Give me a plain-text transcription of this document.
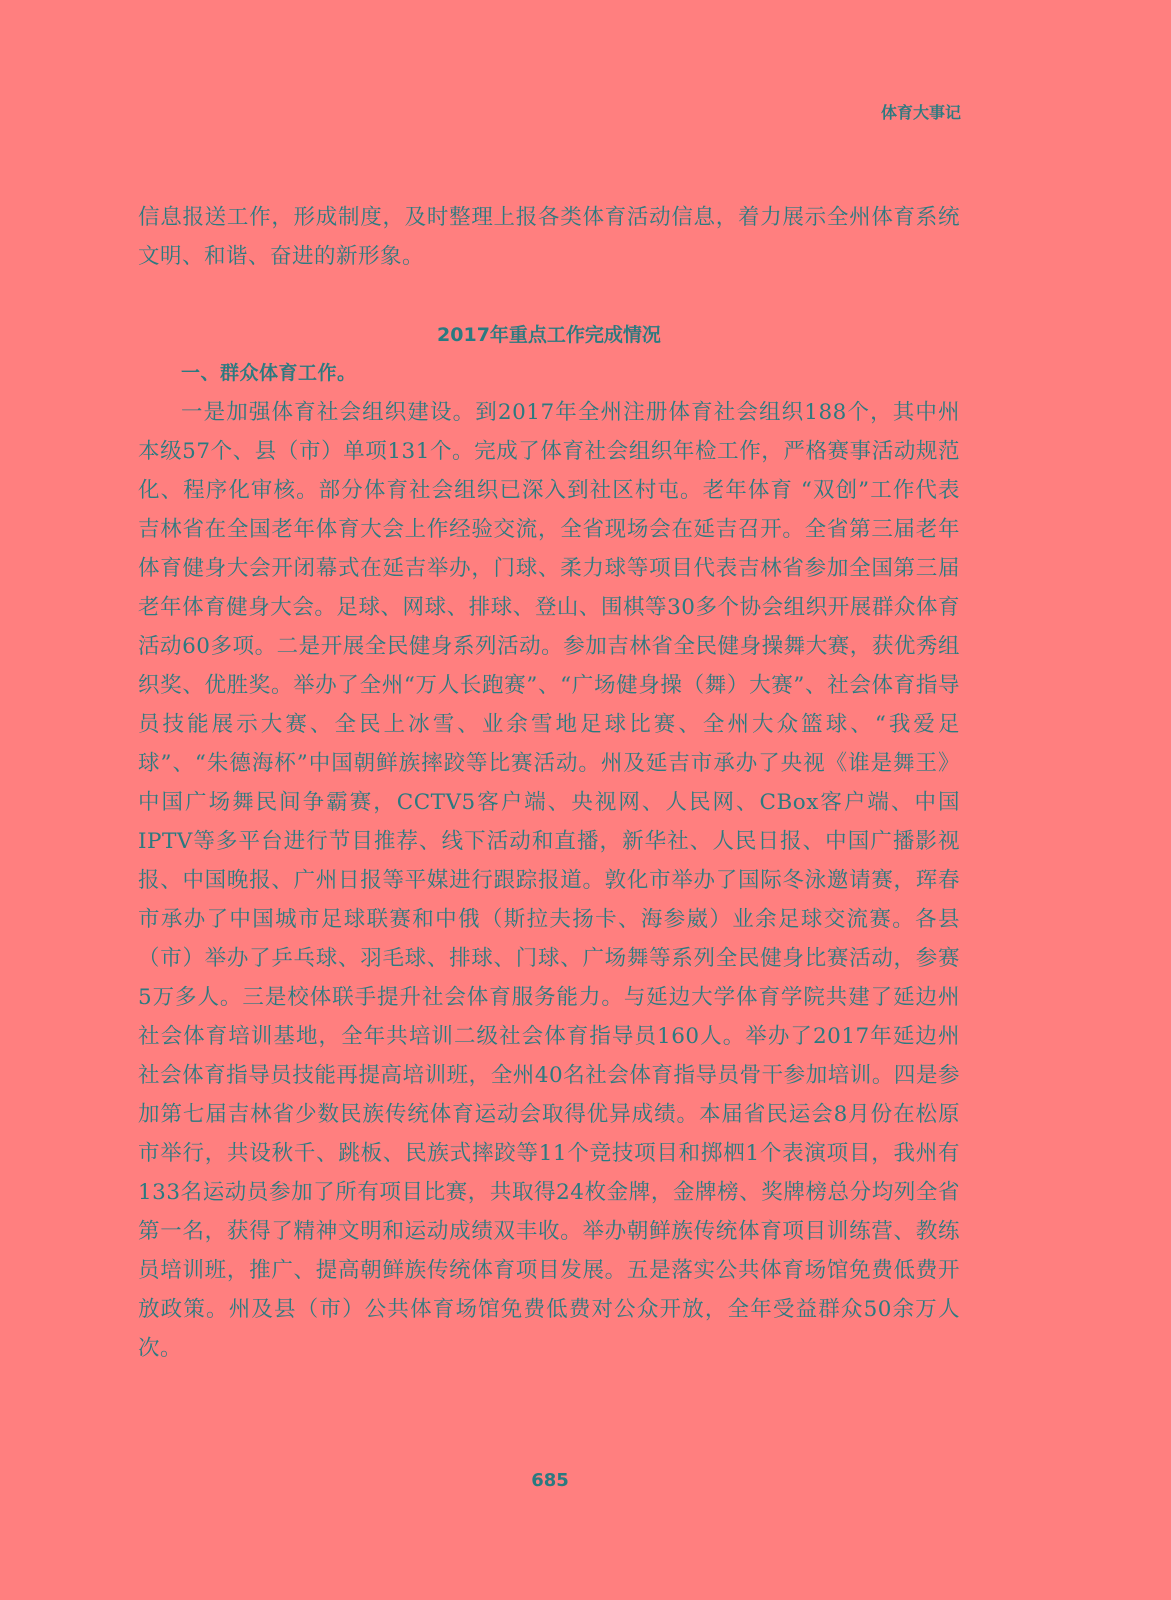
体育大事记

信息报送工作，形成制度，及时整理上报各类体育活动信息，着力展示全州体育系统文明、和谐、奋进的新形象。

2017年重点工作完成情况

一、群众体育工作。

一是加强体育社会组织建设。到2017年全州注册体育社会组织188个，其中州本级57个、县（市）单项131个。完成了体育社会组织年检工作，严格赛事活动规范化、程序化审核。部分体育社会组织已深入到社区村屯。老年体育 “双创”工作代表吉林省在全国老年体育大会上作经验交流，全省现场会在延吉召开。全省第三届老年体育健身大会开闭幕式在延吉举办，门球、柔力球等项目代表吉林省参加全国第三届老年体育健身大会。足球、网球、排球、登山、围棋等30多个协会组织开展群众体育活动60多项。二是开展全民健身系列活动。参加吉林省全民健身操舞大赛，获优秀组织奖、优胜奖。举办了全州“万人长跑赛”、“广场健身操（舞）大赛”、社会体育指导员技能展示大赛、全民上冰雪、业余雪地足球比赛、全州大众篮球、“我爱足球”、“朱德海杯”中国朝鲜族摔跤等比赛活动。州及延吉市承办了央视《谁是舞王》中国广场舞民间争霸赛，CCTV5客户端、央视网、人民网、CBox客户端、中国IPTV等多平台进行节目推荐、线下活动和直播，新华社、人民日报、中国广播影视报、中国晚报、广州日报等平媒进行跟踪报道。敦化市举办了国际冬泳邀请赛，珲春市承办了中国城市足球联赛和中俄（斯拉夫扬卡、海参崴）业余足球交流赛。各县（市）举办了乒乓球、羽毛球、排球、门球、广场舞等系列全民健身比赛活动，参赛5万多人。三是校体联手提升社会体育服务能力。与延边大学体育学院共建了延边州社会体育培训基地，全年共培训二级社会体育指导员160人。举办了2017年延边州社会体育指导员技能再提高培训班，全州40名社会体育指导员骨干参加培训。四是参加第七届吉林省少数民族传统体育运动会取得优异成绩。本届省民运会8月份在松原市举行，共设秋千、跳板、民族式摔跤等11个竞技项目和掷柶1个表演项目，我州有133名运动员参加了所有项目比赛，共取得24枚金牌，金牌榜、奖牌榜总分均列全省第一名，获得了精神文明和运动成绩双丰收。举办朝鲜族传统体育项目训练营、教练员培训班，推广、提高朝鲜族传统体育项目发展。五是落实公共体育场馆免费低费开放政策。州及县（市）公共体育场馆免费低费对公众开放，全年受益群众50余万人次。

685
